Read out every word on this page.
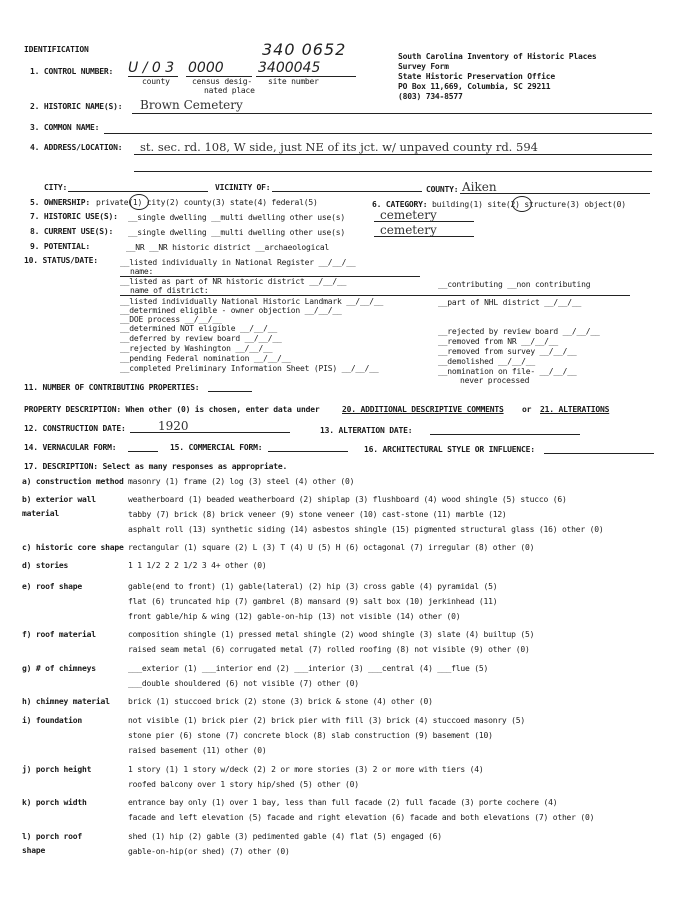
340 0652
IDENTIFICATION
South Carolina Inventory of Historic Places
Survey Form
State Historic Preservation Office
PO Box 11,669, Columbia, SC 29211
(803) 734-8577
1. CONTROL NUMBER: U / 0 3 0000 3400045
county	census desig-
nated place
site number
2. HISTORIC NAME(S): Brown Cemetery
3. COMMON NAME:
4. ADDRESS/LOCATION: st. sec. rd. 108, W side, just NE of its jct. w/ unpaved county rd. 594
CITY:	VICINITY OF:	COUNTY: Aiken
5. OWNERSHIP: private(1) city(2) county(3) state(4) federal(5)	6. CATEGORY: building(1) site(2) structure(3) object(0)
7. HISTORIC USE(S): __single dwelling __multi dwelling other use(s)	cemetery
8. CURRENT USE(S): __single dwelling __multi dwelling other use(s)	cemetery
9. POTENTIAL:	__NR __NR historic district __archaeological
10. STATUS/DATE:	__listed individually in National Register __/__/__
name:
__listed as part of NR historic district __/__/__
name of district:
__contributing __non contributing
__listed individually National Historic Landmark __/__/__	__part of NHL district __/__/__
__determined eligible - owner objection __/__/__
__DOE process __/__/__
__determined NOT eligible __/__/__	__rejected by review board __/__/__
__deferred by review board __/__/__	__removed from NR __/__/__
__rejected by Washington __/__/__	__removed from survey __/__/__
__pending Federal nomination __/__/__	__demolished __/__/__
__completed Preliminary Information Sheet (PIS) __/__/__	__nomination on file- __/__/__
never processed
11. NUMBER OF CONTRIBUTING PROPERTIES:
PROPERTY DESCRIPTION: When other (0) is chosen, enter data under	20. ADDITIONAL DESCRIPTIVE COMMENTS or 21. ALTERATIONS
12. CONSTRUCTION DATE:	1920	13. ALTERATION DATE:
14. VERNACULAR FORM:	15. COMMERCIAL FORM:	16. ARCHITECTURAL STYLE OR INFLUENCE:
17. DESCRIPTION: Select as many responses as appropriate.
a) construction method masonry (1) frame (2) log (3) steel (4) other (0)
b) exterior wall
material
weatherboard (1) beaded weatherboard (2) shiplap (3) flushboard (4) wood shingle (5) stucco (6)
tabby (7) brick (8) brick veneer (9) stone veneer (10) cast-stone (11) marble (12)
asphalt roll (13) synthetic siding (14) asbestos shingle (15) pigmented structural glass (16) other (0)
c) historic core shape rectangular (1) square (2) L (3) T (4) U (5) H (6) octagonal (7) irregular (8) other (0)
d) stories	1 1 1/2 2 2 1/2 3 4+ other (0)
e) roof shape	gable(end to front) (1) gable(lateral) (2) hip (3) cross gable (4) pyramidal (5)
flat (6) truncated hip (7) gambrel (8) mansard (9) salt box (10) jerkinhead (11)
front gable/hip & wing (12) gable-on-hip (13) not visible (14) other (0)
f) roof material	composition shingle (1) pressed metal shingle (2) wood shingle (3) slate (4) builtup (5)
raised seam metal (6) corrugated metal (7) rolled roofing (8) not visible (9) other (0)
g) # of chimneys	___exterior (1) ___interior end (2) ___interior (3) ___central (4) ___flue (5)
___double shouldered (6) not visible (7) other (0)
h) chimney material brick (1) stuccoed brick (2) stone (3) brick & stone (4) other (0)
i) foundation	not visible (1) brick pier (2) brick pier with fill (3) brick (4) stuccoed masonry (5)
stone pier (6) stone (7) concrete block (8) slab construction (9) basement (10)
raised basement (11) other (0)
j) porch height	1 story (1) 1 story w/deck (2) 2 or more stories (3) 2 or more with tiers (4)
roofed balcony over 1 story hip/shed (5) other (0)
k) porch width	entrance bay only (1) over 1 bay, less than full facade (2) full facade (3) porte cochere (4)
facade and left elevation (5) facade and right elevation (6) facade and both elevations (7) other (0)
l) porch roof
shape
shed (1) hip (2) gable (3) pedimented gable (4) flat (5) engaged (6)
gable-on-hip(or shed) (7) other (0)
